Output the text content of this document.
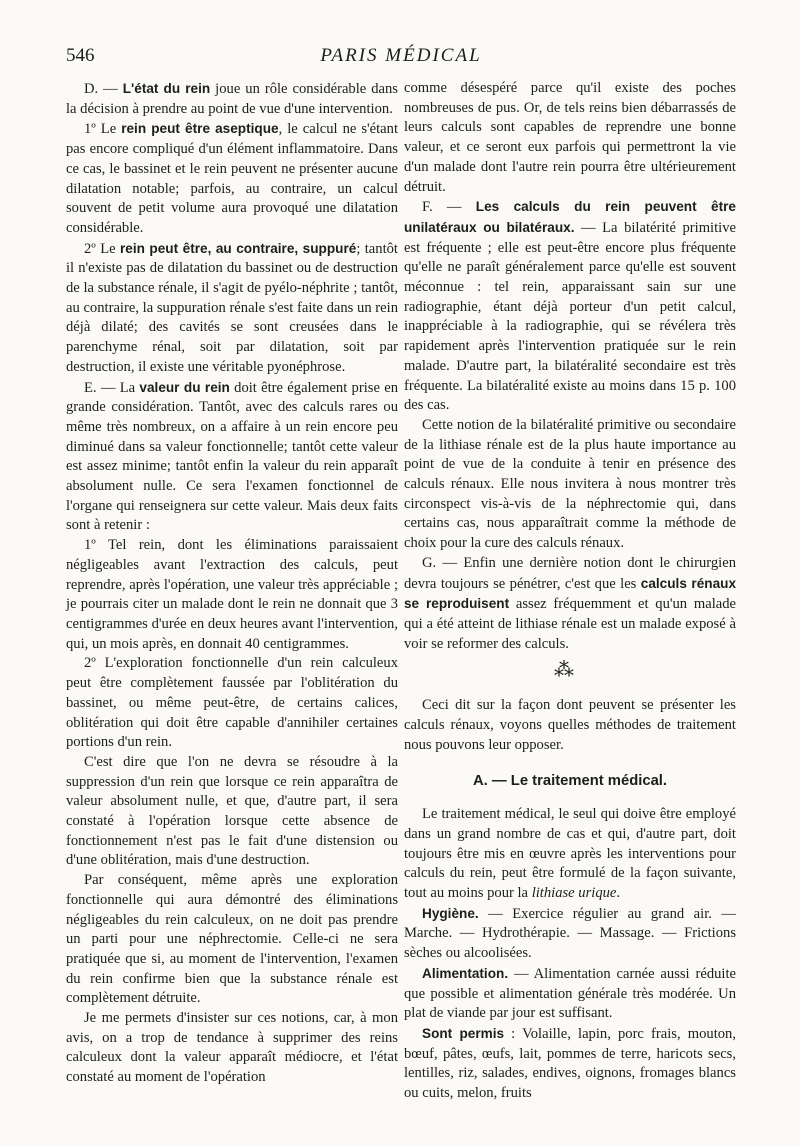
546	PARIS MÉDICAL

D. — L'état du rein joue un rôle considérable dans la décision à prendre au point de vue d'une intervention.

1º Le rein peut être aseptique, le calcul ne s'étant pas encore compliqué d'un élément inflammatoire. Dans ce cas, le bassinet et le rein peuvent ne présenter aucune dilatation notable; parfois, au contraire, un calcul souvent de petit volume aura provoqué une dilatation considérable.

2º Le rein peut être, au contraire, suppuré; tantôt il n'existe pas de dilatation du bassinet ou de destruction de la substance rénale, il s'agit de pyélo-néphrite ; tantôt, au contraire, la suppuration rénale s'est faite dans un rein déjà dilaté; des cavités se sont creusées dans le parenchyme rénal, soit par dilatation, soit par destruction, il existe une véritable pyonéphrose.

E. — La valeur du rein doit être également prise en grande considération. Tantôt, avec des calculs rares ou même très nombreux, on a affaire à un rein encore peu diminué dans sa valeur fonctionnelle; tantôt cette valeur est assez minime; tantôt enfin la valeur du rein apparaît absolument nulle. Ce sera l'examen fonctionnel de l'organe qui renseignera sur cette valeur. Mais deux faits sont à retenir :

1º Tel rein, dont les éliminations paraissaient négligeables avant l'extraction des calculs, peut reprendre, après l'opération, une valeur très appréciable ; je pourrais citer un malade dont le rein ne donnait que 3 centigrammes d'urée en deux heures avant l'intervention, qui, un mois après, en donnait 40 centigrammes.

2º L'exploration fonctionnelle d'un rein calculeux peut être complètement faussée par l'oblitération du bassinet, ou même peut-être, de certains calices, oblitération qui doit être capable d'annihiler certaines portions d'un rein.

C'est dire que l'on ne devra se résoudre à la suppression d'un rein que lorsque ce rein apparaîtra de valeur absolument nulle, et que, d'autre part, il sera constaté à l'opération lorsque cette absence de fonctionnement n'est pas le fait d'une distension ou d'une oblitération, mais d'une destruction.

Par conséquent, même après une exploration fonctionnelle qui aura démontré des éliminations négligeables du rein calculeux, on ne doit pas prendre un parti pour une néphrectomie. Celle-ci ne sera pratiquée que si, au moment de l'intervention, l'examen du rein confirme bien que la substance rénale est complètement détruite.

Je me permets d'insister sur ces notions, car, à mon avis, on a trop de tendance à supprimer des reins calculeux dont la valeur apparaît médiocre, et l'état constaté au moment de l'opération

comme désespéré parce qu'il existe des poches nombreuses de pus. Or, de tels reins bien débarrassés de leurs calculs sont capables de reprendre une bonne valeur, et ce seront eux parfois qui permettront la vie d'un malade dont l'autre rein pourra être ultérieurement détruit.

F. — Les calculs du rein peuvent être unilatéraux ou bilatéraux. — La bilatérité primitive est fréquente ; elle est peut-être encore plus fréquente qu'elle ne paraît généralement parce qu'elle est souvent méconnue : tel rein, apparaissant sain sur une radiographie, étant déjà porteur d'un petit calcul, inappréciable à la radiographie, qui se révélera très rapidement après l'intervention pratiquée sur le rein malade. D'autre part, la bilatéralité secondaire est très fréquente. La bilatéralité existe au moins dans 15 p. 100 des cas.

Cette notion de la bilatéralité primitive ou secondaire de la lithiase rénale est de la plus haute importance au point de vue de la conduite à tenir en présence des calculs rénaux. Elle nous invitera à nous montrer très circonspect vis-à-vis de la néphrectomie qui, dans certains cas, nous apparaîtrait comme la méthode de choix pour la cure des calculs rénaux.

G. — Enfin une dernière notion dont le chirurgien devra toujours se pénétrer, c'est que les calculs rénaux se reproduisent assez fréquemment et qu'un malade qui a été atteint de lithiase rénale est un malade exposé à voir se reformer des calculs.

⁂

Ceci dit sur la façon dont peuvent se présenter les calculs rénaux, voyons quelles méthodes de traitement nous pouvons leur opposer.

A. — Le traitement médical.

Le traitement médical, le seul qui doive être employé dans un grand nombre de cas et qui, d'autre part, doit toujours être mis en œuvre après les interventions pour calculs du rein, peut être formulé de la façon suivante, tout au moins pour la lithiase urique.

Hygiène. — Exercice régulier au grand air. — Marche. — Hydrothérapie. — Massage. — Frictions sèches ou alcoolisées.

Alimentation. — Alimentation carnée aussi réduite que possible et alimentation générale très modérée. Un plat de viande par jour est suffisant.

Sont permis : Volaille, lapin, porc frais, mouton, bœuf, pâtes, œufs, lait, pommes de terre, haricots secs, lentilles, riz, salades, endives, oignons, fromages blancs ou cuits, melon, fruits
